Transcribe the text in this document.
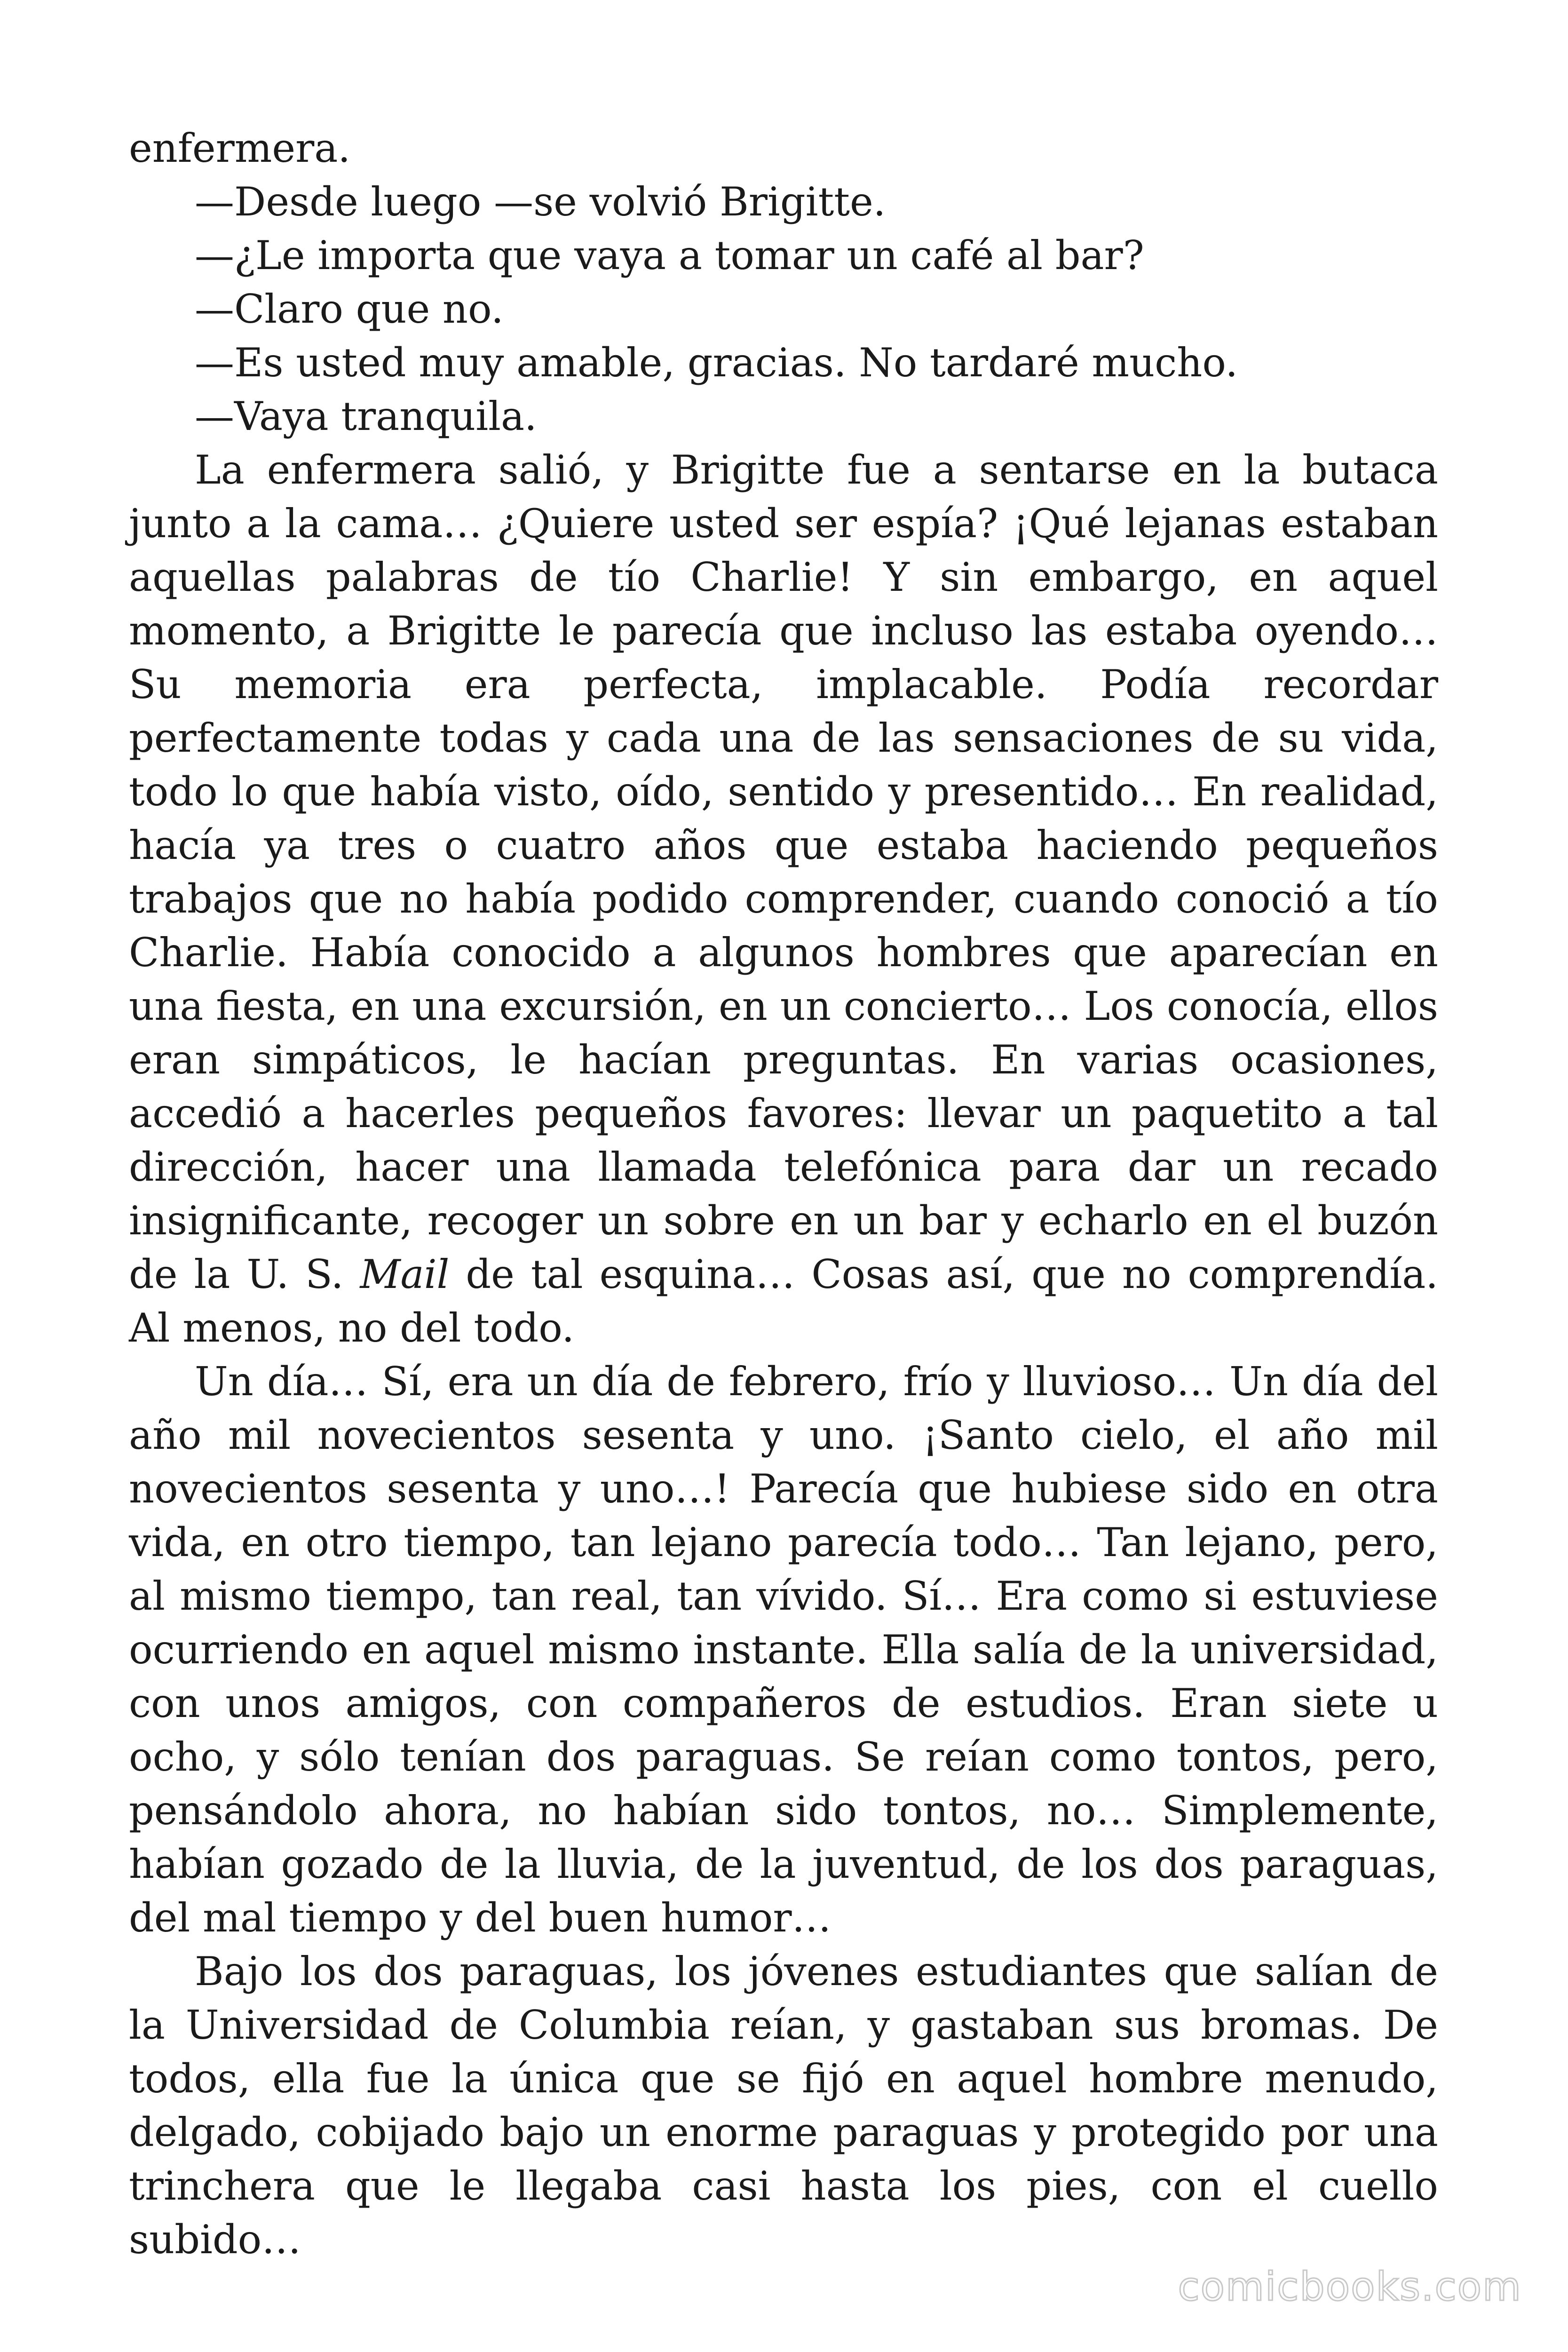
enfermera.

—Desde luego —se volvió Brigitte.

—¿Le importa que vaya a tomar un café al bar?

—Claro que no.

—Es usted muy amable, gracias. No tardaré mucho.

—Vaya tranquila.

La enfermera salió, y Brigitte fue a sentarse en la butaca junto a la cama… ¿Quiere usted ser espía? ¡Qué lejanas estaban aquellas palabras de tío Charlie! Y sin embargo, en aquel momento, a Brigitte le parecía que incluso las estaba oyendo… Su memoria era perfecta, implacable. Podía recordar perfectamente todas y cada una de las sensaciones de su vida, todo lo que había visto, oído, sentido y presentido… En realidad, hacía ya tres o cuatro años que estaba haciendo pequeños trabajos que no había podido comprender, cuando conoció a tío Charlie. Había conocido a algunos hombres que aparecían en una fiesta, en una excursión, en un concierto… Los conocía, ellos eran simpáticos, le hacían preguntas. En varias ocasiones, accedió a hacerles pequeños favores: llevar un paquetito a tal dirección, hacer una llamada telefónica para dar un recado insignificante, recoger un sobre en un bar y echarlo en el buzón de la U. S. Mail de tal esquina… Cosas así, que no comprendía. Al menos, no del todo.

Un día… Sí, era un día de febrero, frío y lluvioso… Un día del año mil novecientos sesenta y uno. ¡Santo cielo, el año mil novecientos sesenta y uno…! Parecía que hubiese sido en otra vida, en otro tiempo, tan lejano parecía todo… Tan lejano, pero, al mismo tiempo, tan real, tan vívido. Sí… Era como si estuviese ocurriendo en aquel mismo instante. Ella salía de la universidad, con unos amigos, con compañeros de estudios. Eran siete u ocho, y sólo tenían dos paraguas. Se reían como tontos, pero, pensándolo ahora, no habían sido tontos, no… Simplemente, habían gozado de la lluvia, de la juventud, de los dos paraguas, del mal tiempo y del buen humor…

Bajo los dos paraguas, los jóvenes estudiantes que salían de la Universidad de Columbia reían, y gastaban sus bromas. De todos, ella fue la única que se fijó en aquel hombre menudo, delgado, cobijado bajo un enorme paraguas y protegido por una trinchera que le llegaba casi hasta los pies, con el cuello subido…

comicbooks.com
